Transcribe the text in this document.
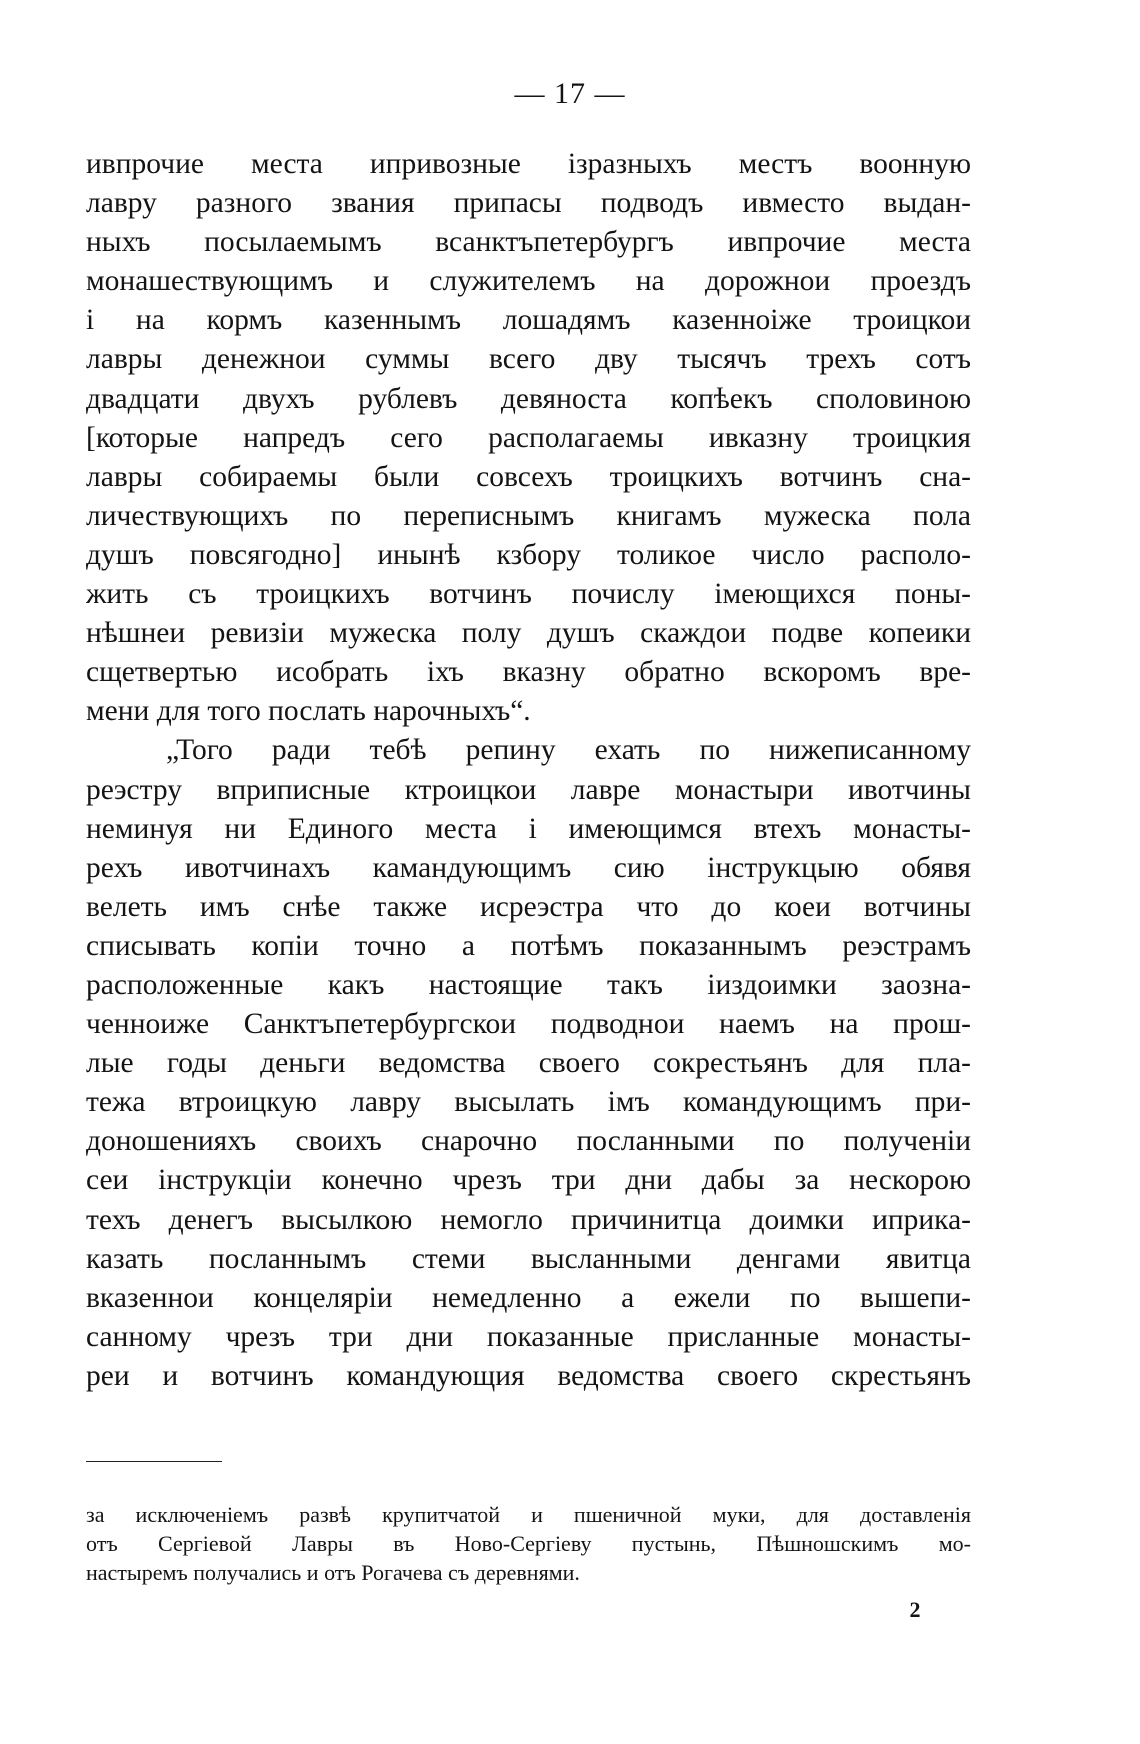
— 17 —
ивпрочие места ипривозные ізразныхъ местъ воонную
лавру разного звания припасы подводъ ивместо выдан-
ныхъ посылаемымъ всанктъпетербургъ ивпрочие места
монашествующимъ и служителемъ на дорожнои проездъ
і на кормъ казеннымъ лошадямъ казенноіже троицкои
лавры денежнои суммы всего дву тысячъ трехъ сотъ
двадцати двухъ рублевъ девяноста копѣекъ споловиною
[которые напредъ сего располагаемы ивказну троицкия
лавры собираемы были совсехъ троицкихъ вотчинъ сна-
личествующихъ по переписнымъ книгамъ мужеска пола
душъ повсягодно] инынѣ кзбору толикое число располо-
жить съ троицкихъ вотчинъ почислу імеющихся поны-
нѣшнеи ревизіи мужеска полу душъ скаждои подве копеики
сщетвертью исобрать іхъ вказну обратно вскоромъ вре-
мени для того послать нарочныхъ“.
„Того ради тебѣ репину ехать по нижеписанному
реэстру вприписные ктроицкои лавре монастыри ивотчины
неминуя ни Единого места і имеющимся втехъ монасты-
рехъ ивотчинахъ камандующимъ сию інструкцыю обявя
велеть имъ снѣе также исреэстра что до коеи вотчины
списывать копіи точно а потѣмъ показаннымъ реэстрамъ
расположенные какъ настоящие такъ іиздоимки заозна-
ченноиже Санктъпетербургскои подводнои наемъ на прош-
лые годы деньги ведомства своего сокрестьянъ для пла-
тежа втроицкую лавру высылать імъ командующимъ при-
доношенияхъ своихъ снарочно посланными по полученіи
сеи інструкціи конечно чрезъ три дни дабы за нескорою
техъ денегъ высылкою немогло причинитца доимки иприка-
казать посланнымъ стеми высланными денгами явитца
вказеннои концеляріи немедленно а ежели по вышепи-
санному чрезъ три дни показанные присланные монасты-
реи и вотчинъ командующия ведомства своего скрестьянъ
за исключеніемъ развѣ крупитчатой и пшеничной муки, для доставленія
отъ Сергіевой Лавры въ Ново-Сергіеву пустынь, Пѣшношскимъ мо-
настыремъ получались и отъ Рогачева съ деревнями.
2
